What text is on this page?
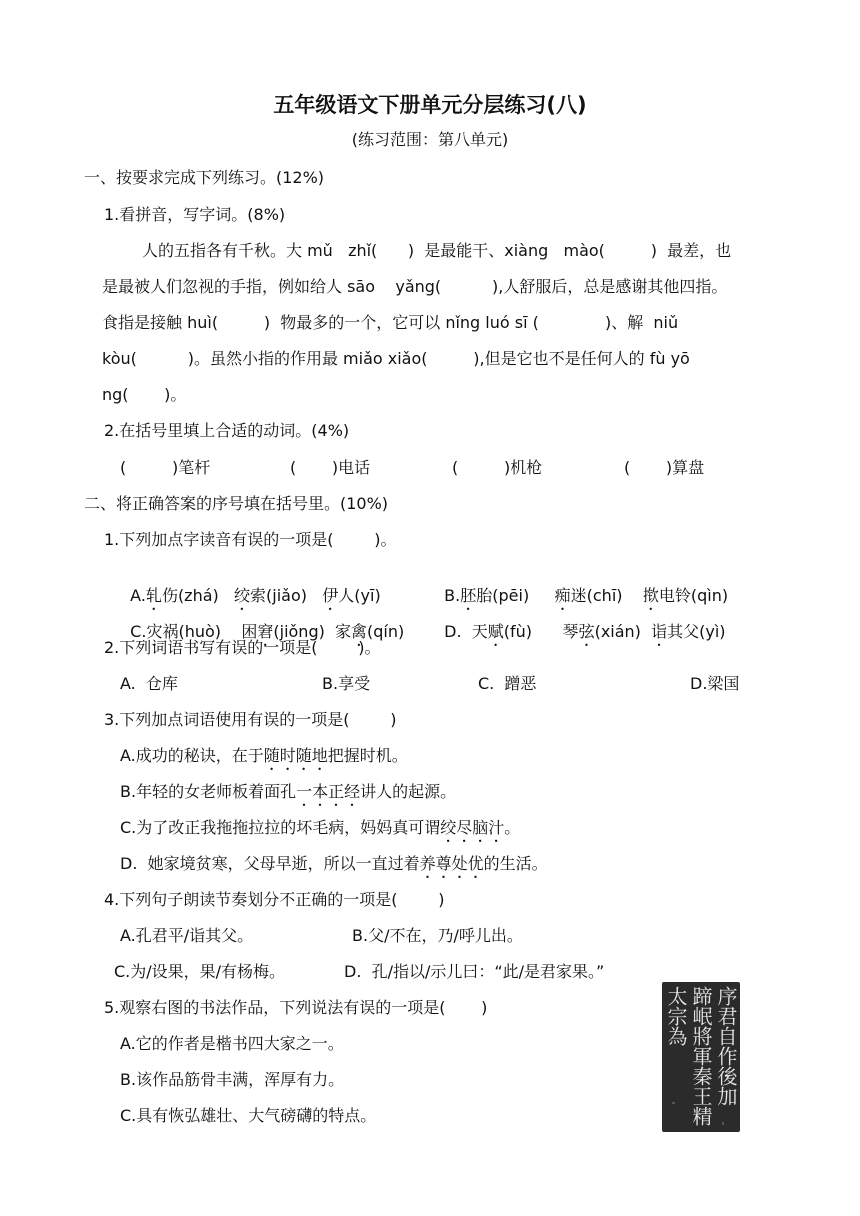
五年级语文下册单元分层练习(八)
(练习范围：第八单元)
一、按要求完成下列练习。(12%)
1.看拼音，写字词。(8%)
人的五指各有千秋。大 mǔ   zhǐ(      )  是最能干、xiàng   mào(         )  最差，也
是最被人们忽视的手指，例如给人 sāo    yǎng(          ),人舒服后，总是感谢其他四指。
食指是接触 huì(         )  物最多的一个，它可以 nǐng luó sī (             )、解  niǔ
kòu(          )。虽然小指的作用最 miǎo xiǎo(         ),但是它也不是任何人的 fù yō
ng(       )。
2.在括号里填上合适的动词。(4%)
(         )笔杆	(       )电话	(         )机枪	(       )算盘
二、将正确答案的序号填在括号里。(10%)
1.下列加点字读音有误的一项是(        )。

A.轧伤(zhá)   绞索(jiǎo)   伊人(yī)	B.胚胎(pēi)     痴迷(chī)    揿电铃(qìn)

C.灾祸(huò)    困窘(jiǒng)  家禽(qín)	D.  天赋(fù)      琴弦(xián)  诣其父(yì)

2.下列词语书写有误的一项是(        )。
A.  仓库	B.享受	C.  蹭恶	D.梁国
3.下列加点词语使用有误的一项是(        )
A.成功的秘诀，在于随时随地把握时机。
B.年轻的女老师板着面孔一本正经讲人的起源。
C.为了改正我拖拖拉拉的坏毛病，妈妈真可谓绞尽脑汁。
D.  她家境贫寒，父母早逝，所以一直过着养尊处优的生活。
4.下列句子朗读节奏划分不正确的一项是(        )
A.孔君平/诣其父。	B.父/不在，乃/呼儿出。
C.为/设果，果/有杨梅。	D.  孔/指以/示儿曰：“此/是君家果。”
5.观察右图的书法作品，下列说法有误的一项是(       )
A.它的作者是楷书四大家之一。
B.该作品筋骨丰满，浑厚有力。
C.具有恢弘雄壮、大气磅礴的特点。
序君自作後加
蹄岷將軍秦王精
太宗為
